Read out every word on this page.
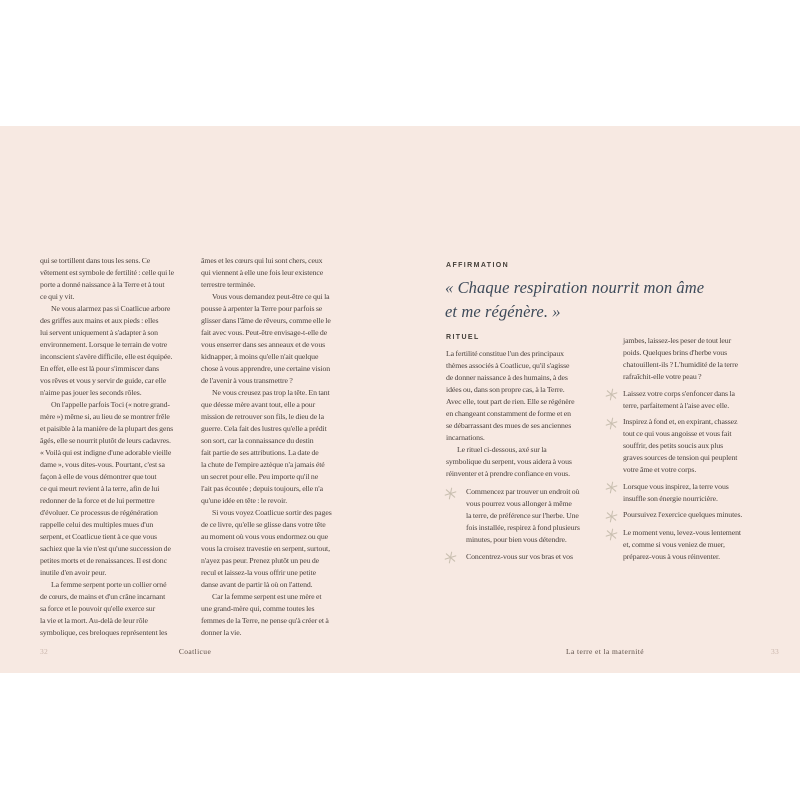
qui se tortillent dans tous les sens. Ce
vêtement est symbole de fertilité : celle qui le
porte a donné naissance à la Terre et à tout
ce qui y vit.
Ne vous alarmez pas si Coatlicue arbore
des griffes aux mains et aux pieds : elles
lui servent uniquement à s'adapter à son
environnement. Lorsque le terrain de votre
inconscient s'avère difficile, elle est équipée.
En effet, elle est là pour s'immiscer dans
vos rêves et vous y servir de guide, car elle
n'aime pas jouer les seconds rôles.
On l'appelle parfois Toci (« notre grand-
mère ») même si, au lieu de se montrer frêle
et paisible à la manière de la plupart des gens
âgés, elle se nourrit plutôt de leurs cadavres.
« Voilà qui est indigne d'une adorable vieille
dame », vous dites-vous. Pourtant, c'est sa
façon à elle de vous démontrer que tout
ce qui meurt revient à la terre, afin de lui
redonner de la force et de lui permettre
d'évoluer. Ce processus de régénération
rappelle celui des multiples mues d'un
serpent, et Coatlicue tient à ce que vous
sachiez que la vie n'est qu'une succession de
petites morts et de renaissances. Il est donc
inutile d'en avoir peur.
La femme serpent porte un collier orné
de cœurs, de mains et d'un crâne incarnant
sa force et le pouvoir qu'elle exerce sur
la vie et la mort. Au-delà de leur rôle
symbolique, ces breloques représentent les
âmes et les cœurs qui lui sont chers, ceux
qui viennent à elle une fois leur existence
terrestre terminée.
Vous vous demandez peut-être ce qui la
pousse à arpenter la Terre pour parfois se
glisser dans l'âme de rêveurs, comme elle le
fait avec vous. Peut-être envisage-t-elle de
vous enserrer dans ses anneaux et de vous
kidnapper, à moins qu'elle n'ait quelque
chose à vous apprendre, une certaine vision
de l'avenir à vous transmettre ?
Ne vous creusez pas trop la tête. En tant
que déesse mère avant tout, elle a pour
mission de retrouver son fils, le dieu de la
guerre. Cela fait des lustres qu'elle a prédit
son sort, car la connaissance du destin
fait partie de ses attributions. La date de
la chute de l'empire aztèque n'a jamais été
un secret pour elle. Peu importe qu'il ne
l'ait pas écoutée ; depuis toujours, elle n'a
qu'une idée en tête : le revoir.
Si vous voyez Coatlicue sortir des pages
de ce livre, qu'elle se glisse dans votre tête
au moment où vous vous endormez ou que
vous la croisez travestie en serpent, surtout,
n'ayez pas peur. Prenez plutôt un peu de
recul et laissez-la vous offrir une petite
danse avant de partir là où on l'attend.
Car la femme serpent est une mère et
une grand-mère qui, comme toutes les
femmes de la Terre, ne pense qu'à créer et à
donner la vie.
32	Coatlicue
AFFIRMATION
« Chaque respiration nourrit mon âme
et me régénère. »
RITUEL
La fertilité constitue l'un des principaux
thèmes associés à Coatlicue, qu'il s'agisse
de donner naissance à des humains, à des
idées ou, dans son propre cas, à la Terre.
Avec elle, tout part de rien. Elle se régénère
en changeant constamment de forme et en
se débarrassant des mues de ses anciennes
incarnations.
Le rituel ci-dessous, axé sur la
symbolique du serpent, vous aidera à vous
réinventer et à prendre confiance en vous.
Commencez par trouver un endroit où
vous pourrez vous allonger à même
la terre, de préférence sur l'herbe. Une
fois installée, respirez à fond plusieurs
minutes, pour bien vous détendre.
Concentrez-vous sur vos bras et vos
jambes, laissez-les peser de tout leur
poids. Quelques brins d'herbe vous
chatouillent-ils ? L'humidité de la terre
rafraîchit-elle votre peau ?
Laissez votre corps s'enfoncer dans la
terre, parfaitement à l'aise avec elle.
Inspirez à fond et, en expirant, chassez
tout ce qui vous angoisse et vous fait
souffrir, des petits soucis aux plus
graves sources de tension qui peuplent
votre âme et votre corps.
Lorsque vous inspirez, la terre vous
insuffle son énergie nourricière.
Poursuivez l'exercice quelques minutes.
Le moment venu, levez-vous lentement
et, comme si vous veniez de muer,
préparez-vous à vous réinventer.
La terre et la maternité	33
